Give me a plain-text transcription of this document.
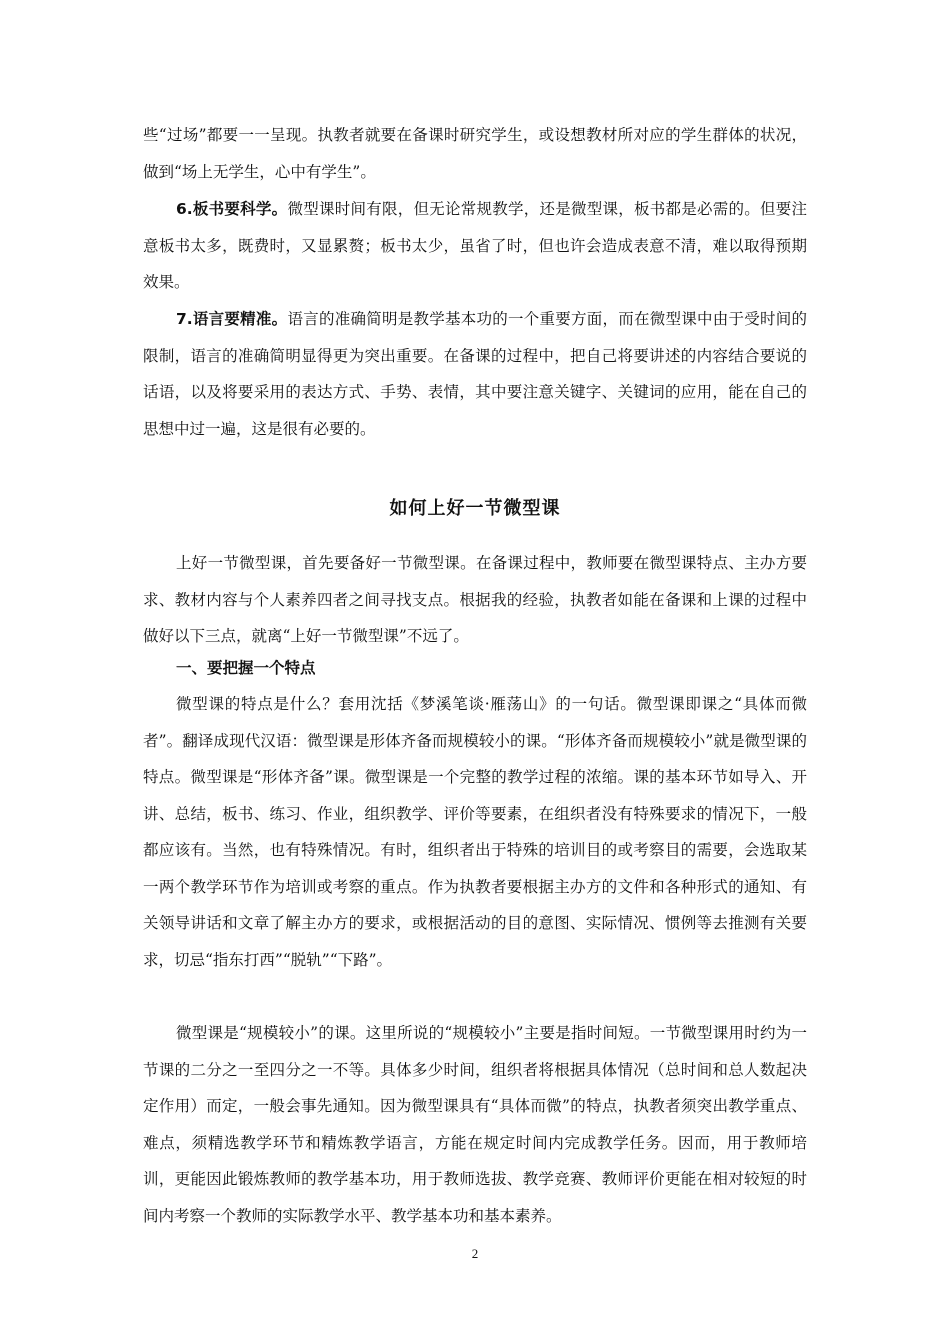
些“过场”都要一一呈现。执教者就要在备课时研究学生，或设想教材所对应的学生群体的状况，做到“场上无学生，心中有学生”。

6.板书要科学。微型课时间有限，但无论常规教学，还是微型课，板书都是必需的。但要注意板书太多，既费时，又显累赘；板书太少，虽省了时，但也许会造成表意不清，难以取得预期效果。

7.语言要精准。语言的准确简明是教学基本功的一个重要方面，而在微型课中由于受时间的限制，语言的准确简明显得更为突出重要。在备课的过程中，把自己将要讲述的内容结合要说的话语，以及将要采用的表达方式、手势、表情，其中要注意关键字、关键词的应用，能在自己的思想中过一遍，这是很有必要的。

如何上好一节微型课

上好一节微型课，首先要备好一节微型课。在备课过程中，教师要在微型课特点、主办方要求、教材内容与个人素养四者之间寻找支点。根据我的经验，执教者如能在备课和上课的过程中做好以下三点，就离“上好一节微型课”不远了。

一、要把握一个特点

微型课的特点是什么？套用沈括《梦溪笔谈·雁荡山》的一句话。微型课即课之“具体而微者”。翻译成现代汉语：微型课是形体齐备而规模较小的课。“形体齐备而规模较小”就是微型课的特点。微型课是“形体齐备”课。微型课是一个完整的教学过程的浓缩。课的基本环节如导入、开讲、总结，板书、练习、作业，组织教学、评价等要素，在组织者没有特殊要求的情况下，一般都应该有。当然，也有特殊情况。有时，组织者出于特殊的培训目的或考察目的需要，会选取某一两个教学环节作为培训或考察的重点。作为执教者要根据主办方的文件和各种形式的通知、有关领导讲话和文章了解主办方的要求，或根据活动的目的意图、实际情况、惯例等去推测有关要求，切忌“指东打西”“脱轨”“下路”。

微型课是“规模较小”的课。这里所说的“规模较小”主要是指时间短。一节微型课用时约为一节课的二分之一至四分之一不等。具体多少时间，组织者将根据具体情况（总时间和总人数起决定作用）而定，一般会事先通知。因为微型课具有“具体而微”的特点，执教者须突出教学重点、难点，须精选教学环节和精炼教学语言，方能在规定时间内完成教学任务。因而，用于教师培训，更能因此锻炼教师的教学基本功，用于教师选拔、教学竞赛、教师评价更能在相对较短的时间内考察一个教师的实际教学水平、教学基本功和基本素养。

2
